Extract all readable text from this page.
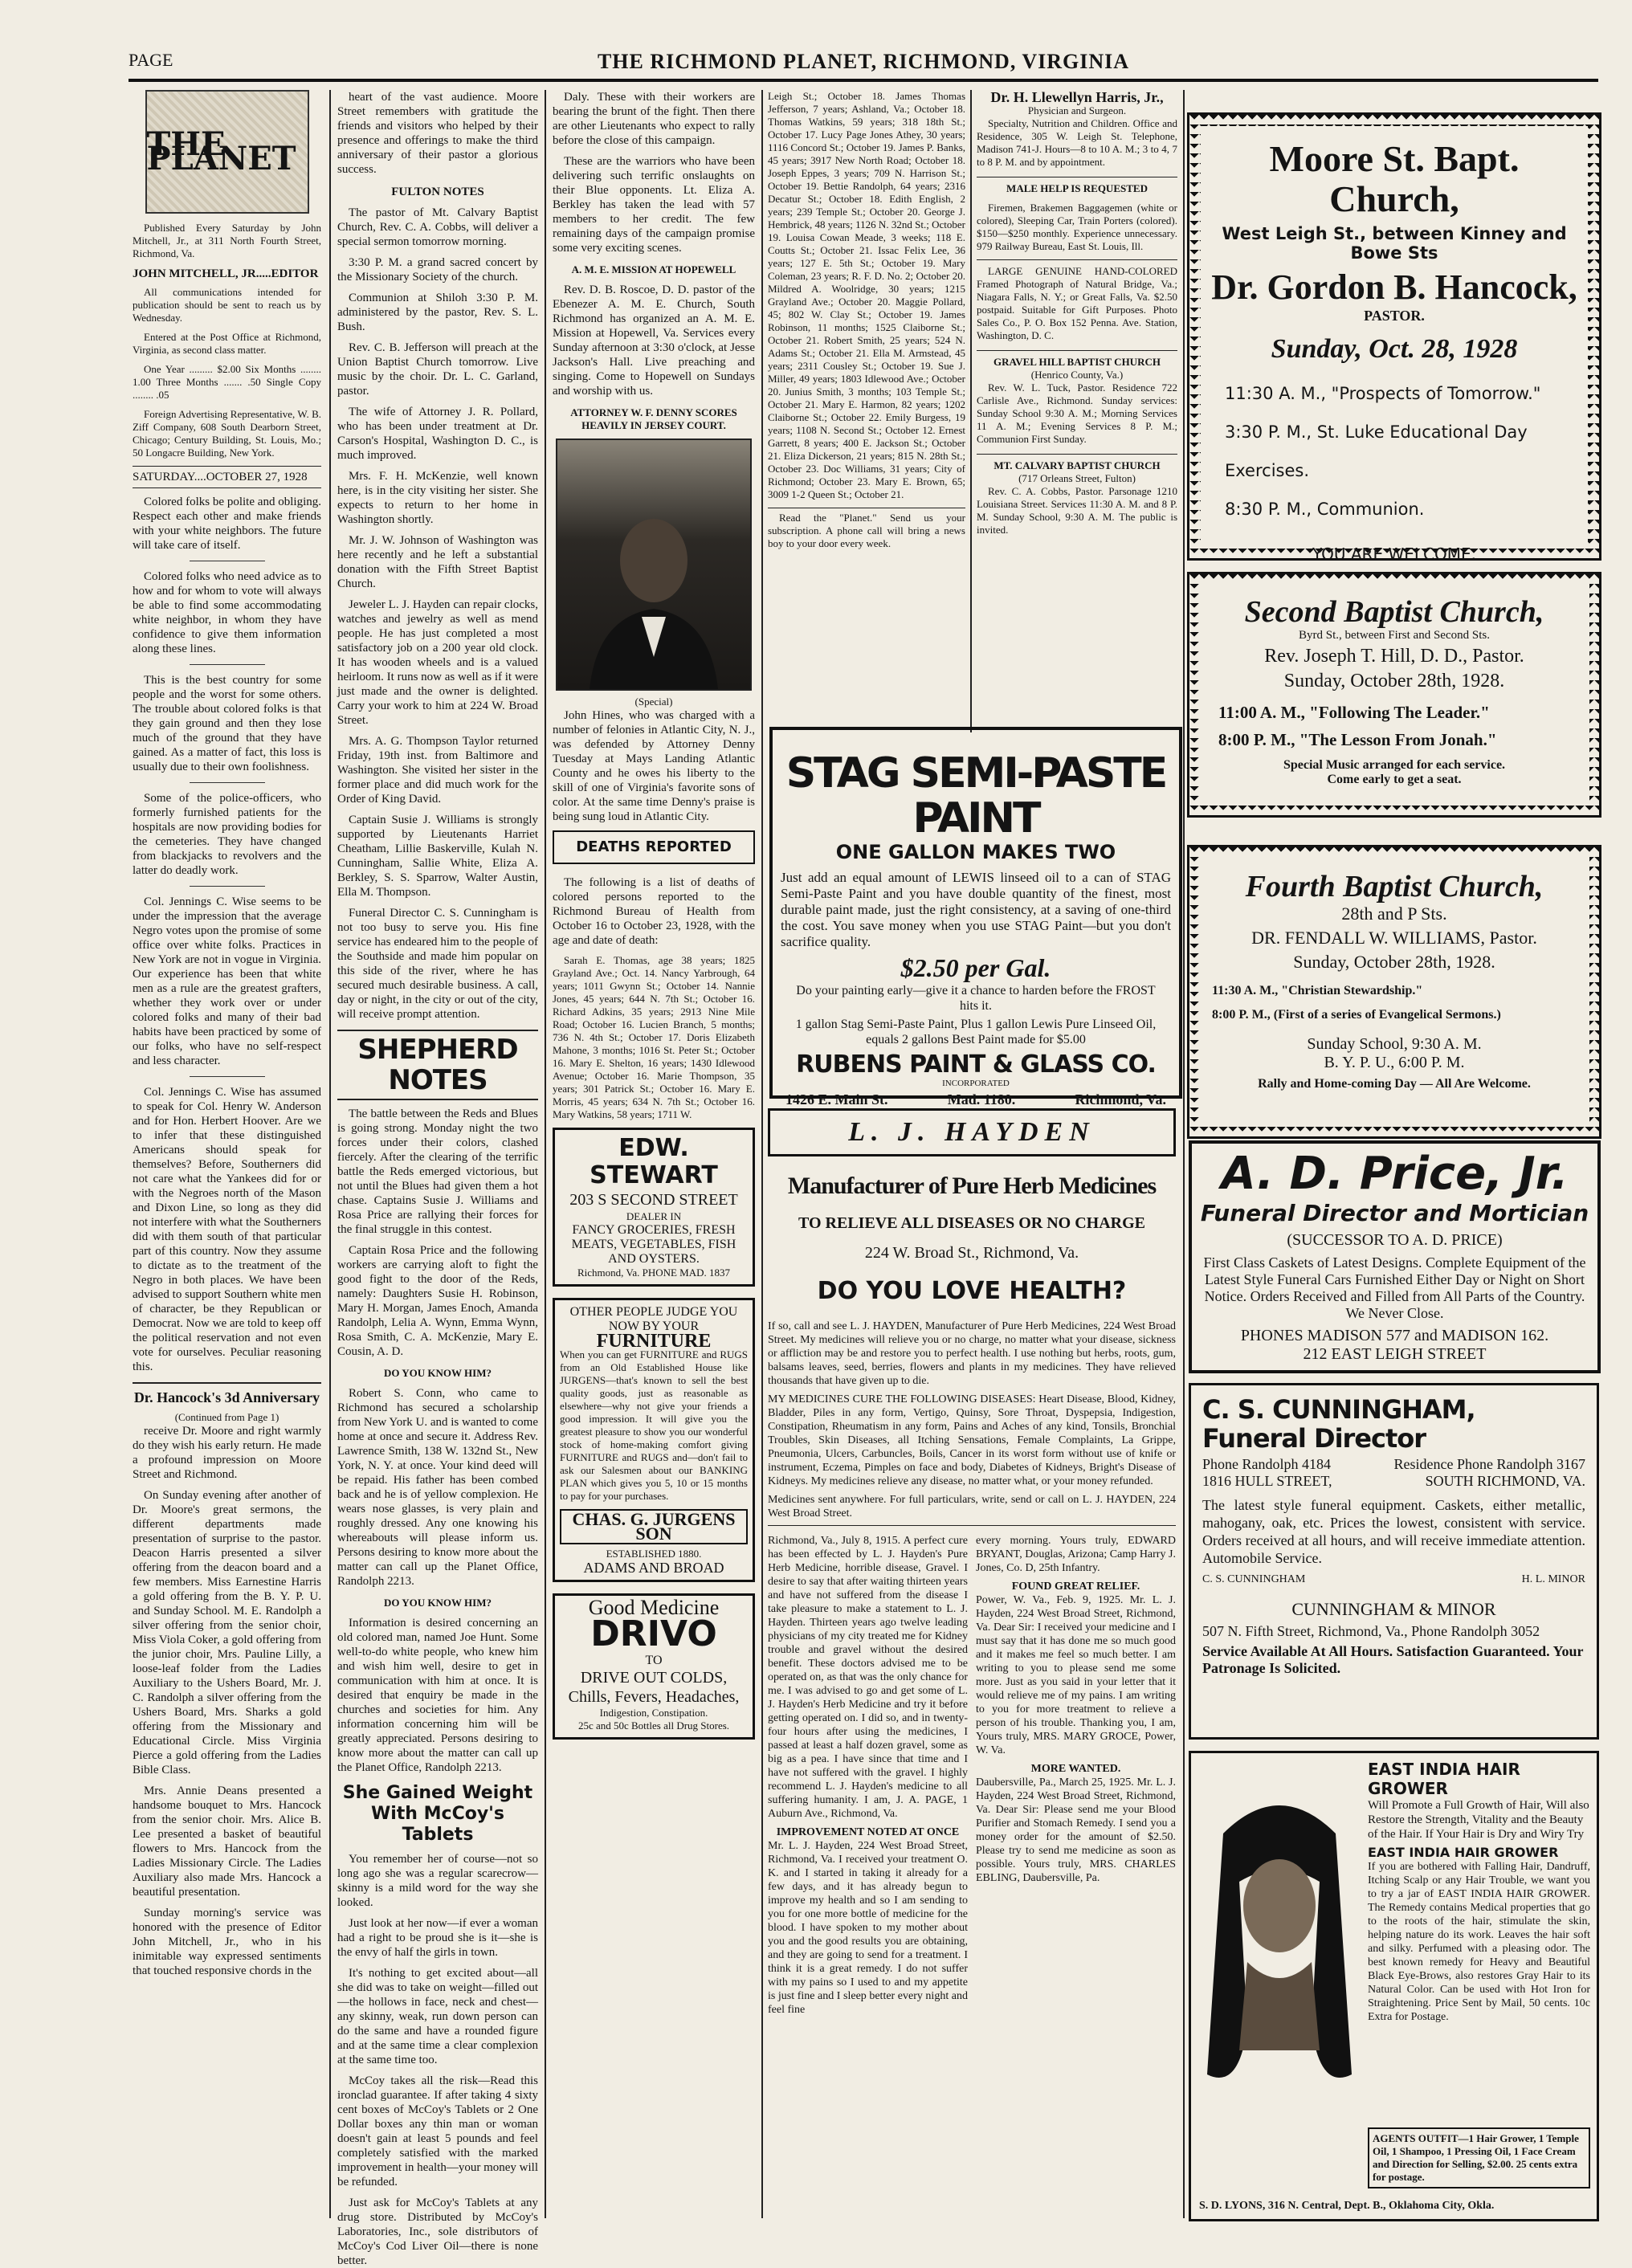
PAGE	THE RICHMOND PLANET, RICHMOND, VIRGINIA
THE PLANET

Published Every Saturday by John Mitchell, Jr., at 311 North Fourth Street, Richmond, Va.

JOHN MITCHELL, JR.....EDITOR

All communications intended for publication should be sent to reach us by Wednesday.

Entered at the Post Office at Richmond, Virginia, as second class matter.

One Year ......... $2.00 Six Months ........ 1.00 Three Months ....... .50 Single Copy ........ .05

Foreign Advertising Representative, W. B. Ziff Company, 608 South Dearborn Street, Chicago; Century Building, St. Louis, Mo.; 50 Longacre Building, New York.

SATURDAY....OCTOBER 27, 1928

Colored folks be polite and obliging. Respect each other and make friends with your white neighbors. The future will take care of itself.

Colored folks who need advice as to how and for whom to vote will always be able to find some accommodating white neighbor, in whom they have confidence to give them information along these lines.

This is the best country for some people and the worst for some others. The trouble about colored folks is that they gain ground and then they lose much of the ground that they have gained. As a matter of fact, this loss is usually due to their own foolishness.

Some of the police-officers, who formerly furnished patients for the hospitals are now providing bodies for the cemeteries. They have changed from blackjacks to revolvers and the latter do deadly work.

Col. Jennings C. Wise seems to be under the impression that the average Negro votes upon the promise of some office over white folks. Practices in New York are not in vogue in Virginia. Our experience has been that white men as a rule are the greatest grafters, whether they work over or under colored folks and many of their bad habits have been practiced by some of our folks, who have no self-respect and less character.

Col. Jennings C. Wise has assumed to speak for Col. Henry W. Anderson and for Hon. Herbert Hoover. Are we to infer that these distinguished Americans should speak for themselves? Before, Southerners did not care what the Yankees did for or with the Negroes north of the Mason and Dixon Line, so long as they did not interfere with what the Southerners did with them south of that particular part of this country. Now they assume to dictate as to the treatment of the Negro in both places. We have been advised to support Southern white men of character, be they Republican or Democrat. Now we are told to keep off the political reservation and not even vote for ourselves. Peculiar reasoning this.

Dr. Hancock's 3d Anniversary
(Continued from Page 1)

receive Dr. Moore and right warmly do they wish his early return. He made a profound impression on Moore Street and Richmond.

On Sunday evening after another of Dr. Moore's great sermons, the different departments made presentation of surprise to the pastor. Deacon Harris presented a silver offering from the deacon board and a few members. Miss Earnestine Harris a gold offering from the B. Y. P. U. and Sunday School. M. E. Randolph a silver offering from the senior choir, Miss Viola Coker, a gold offering from the junior choir, Mrs. Pauline Lilly, a loose-leaf folder from the Ladies Auxiliary to the Ushers Board, Mr. J. C. Randolph a silver offering from the Ushers Board, Mrs. Sharks a gold offering from the Missionary and Educational Circle. Miss Virginia Pierce a gold offering from the Ladies Bible Class.

Mrs. Annie Deans presented a handsome bouquet to Mrs. Hancock from the senior choir. Mrs. Alice B. Lee presented a basket of beautiful flowers to Mrs. Hancock from the Ladies Missionary Circle. The Ladies Auxiliary also made Mrs. Hancock a beautiful presentation.

Sunday morning's service was honored with the presence of Editor John Mitchell, Jr., who in his inimitable way expressed sentiments that touched responsive chords in the

heart of the vast audience. Moore Street remembers with gratitude the friends and visitors who helped by their presence and offerings to make the third anniversary of their pastor a glorious success.

FULTON NOTES

The pastor of Mt. Calvary Baptist Church, Rev. C. A. Cobbs, will deliver a special sermon tomorrow morning.

3:30 P. M. a grand sacred concert by the Missionary Society of the church.

Communion at Shiloh 3:30 P. M. administered by the pastor, Rev. S. L. Bush.

Rev. C. B. Jefferson will preach at the Union Baptist Church tomorrow. Live music by the choir. Dr. L. C. Garland, pastor.

The wife of Attorney J. R. Pollard, who has been under treatment at Dr. Carson's Hospital, Washington D. C., is much improved.

Mrs. F. H. McKenzie, well known here, is in the city visiting her sister. She expects to return to her home in Washington shortly.

Mr. J. W. Johnson of Washington was here recently and he left a substantial donation with the Fifth Street Baptist Church.

Jeweler L. J. Hayden can repair clocks, watches and jewelry as well as mend people. He has just completed a most satisfactory job on a 200 year old clock. It has wooden wheels and is a valued heirloom. It runs now as well as if it were just made and the owner is delighted. Carry your work to him at 224 W. Broad Street.

Mrs. A. G. Thompson Taylor returned Friday, 19th inst. from Baltimore and Washington. She visited her sister in the former place and did much work for the Order of King David.

Captain Susie J. Williams is strongly supported by Lieutenants Harriet Cheatham, Lillie Baskerville, Kulah N. Cunningham, Sallie White, Eliza A. Berkley, S. S. Sparrow, Walter Austin, Ella M. Thompson.

Funeral Director C. S. Cunningham is not too busy to serve you. His fine service has endeared him to the people of the Southside and made him popular on this side of the river, where he has secured much desirable business. A call, day or night, in the city or out of the city, will receive prompt attention.

SHEPHERD NOTES

The battle between the Reds and Blues is going strong. Monday night the two forces under their colors, clashed fiercely. After the clearing of the terrific battle the Reds emerged victorious, but not until the Blues had given them a hot chase. Captains Susie J. Williams and Rosa Price are rallying their forces for the final struggle in this contest.

Captain Rosa Price and the following workers are carrying aloft to fight the good fight to the door of the Reds, namely: Daughters Susie H. Robinson, Mary H. Morgan, James Enoch, Amanda Randolph, Lelia A. Wynn, Emma Wynn, Rosa Smith, C. A. McKenzie, Mary E. Cousin, A. D.

DO YOU KNOW HIM?

Robert S. Conn, who came to Richmond has secured a scholarship from New York U. and is wanted to come home at once and secure it. Address Rev. Lawrence Smith, 138 W. 132nd St., New York, N. Y. at once. Your kind deed will be repaid. His father has been combed back and he is of yellow complexion. He wears nose glasses, is very plain and roughly dressed. Any one knowing his whereabouts will please inform us. Persons desiring to know more about the matter can call up the Planet Office, Randolph 2213.

DO YOU KNOW HIM?

Information is desired concerning an old colored man, named Joe Hunt. Some well-to-do white people, who knew him and wish him well, desire to get in communication with him at once. It is desired that enquiry be made in the churches and societies for him. Any information concerning him will be greatly appreciated. Persons desiring to know more about the matter can call up the Planet Office, Randolph 2213.

She Gained Weight With McCoy's Tablets

You remember her of course—not so long ago she was a regular scarecrow—skinny is a mild word for the way she looked.

Just look at her now—if ever a woman had a right to be proud she is it—she is the envy of half the girls in town.

It's nothing to get excited about—all she did was to take on weight—filled out—the hollows in face, neck and chest—any skinny, weak, run down person can do the same and have a rounded figure and at the same time a clear complexion at the same time too.

McCoy takes all the risk—Read this ironclad guarantee. If after taking 4 sixty cent boxes of McCoy's Tablets or 2 One Dollar boxes any thin man or woman doesn't gain at least 5 pounds and feel completely satisfied with the marked improvement in health—your money will be refunded.

Just ask for McCoy's Tablets at any drug store. Distributed by McCoy's Laboratories, Inc., sole distributors of McCoy's Cod Liver Oil—there is none better.

Daly. These with their workers are bearing the brunt of the fight. Then there are other Lieutenants who expect to rally before the close of this campaign.

These are the warriors who have been delivering such terrific onslaughts on their Blue opponents. Lt. Eliza A. Berkley has taken the lead with 57 members to her credit. The few remaining days of the campaign promise some very exciting scenes.

A. M. E. MISSION AT HOPEWELL

Rev. D. B. Roscoe, D. D. pastor of the Ebenezer A. M. E. Church, South Richmond has organized an A. M. E. Mission at Hopewell, Va. Services every Sunday afternoon at 3:30 o'clock, at Jesse Jackson's Hall. Live preaching and singing. Come to Hopewell on Sundays and worship with us.

ATTORNEY W. F. DENNY SCORES HEAVILY IN JERSEY COURT.
(Special)

John Hines, who was charged with a number of felonies in Atlantic City, N. J., was defended by Attorney Denny Tuesday at Mays Landing Atlantic County and he owes his liberty to the skill of one of Virginia's favorite sons of color. At the same time Denny's praise is being sung loud in Atlantic City.

DEATHS REPORTED

The following is a list of deaths of colored persons reported to the Richmond Bureau of Health from October 16 to October 23, 1928, with the age and date of death:

Sarah E. Thomas, age 38 years; 1825 Grayland Ave.; Oct. 14. Nancy Yarbrough, 64 years; 1011 Gwynn St.; October 14. Nannie Jones, 45 years; 644 N. 7th St.; October 16. Richard Adkins, 35 years; 2913 Nine Mile Road; October 16. Lucien Branch, 5 months; 736 N. 4th St.; October 17. Doris Elizabeth Mahone, 3 months; 1016 St. Peter St.; October 16. Mary E. Shelton, 16 years; 1430 Idlewood Avenue; October 16. Marie Thompson, 35 years; 301 Patrick St.; October 16. Mary E. Morris, 45 years; 634 N. 7th St.; October 16. Mary Watkins, 58 years; 1711 W.

EDW. STEWART
203 S SECOND STREET
DEALER IN
FANCY GROCERIES, FRESH MEATS, VEGETABLES, FISH AND OYSTERS.
Richmond, Va. PHONE MAD. 1837
OTHER PEOPLE JUDGE YOU NOW BY YOUR
FURNITURE

When you can get FURNITURE and RUGS from an Old Established House like JURGENS—that's known to sell the best quality goods, just as reasonable as elsewhere—why not give your friends a good impression. It will give you the greatest pleasure to show you our wonderful stock of home-making comfort giving FURNITURE and RUGS and—don't fail to ask our Salesmen about our BANKING PLAN which gives you 5, 10 or 15 months to pay for your purchases.

CHAS. G. JURGENS SON
ESTABLISHED 1880.
ADAMS AND BROAD
Good Medicine
DRIVO
TO
DRIVE OUT COLDS, Chills, Fevers, Headaches,
Indigestion, Constipation.
25c and 50c Bottles all Drug Stores.

Leigh St.; October 18. James Thomas Jefferson, 7 years; Ashland, Va.; October 18. Thomas Watkins, 59 years; 318 18th St.; October 17. Lucy Page Jones Athey, 30 years; 1116 Concord St.; October 19. James P. Banks, 45 years; 3917 New North Road; October 18. Joseph Eppes, 3 years; 709 N. Harrison St.; October 19. Bettie Randolph, 64 years; 2316 Decatur St.; October 18. Edith English, 2 years; 239 Temple St.; October 20. George J. Hembrick, 48 years; 1126 N. 32nd St.; October 19. Louisa Cowan Meade, 3 weeks; 118 E. Coutts St.; October 21. Issac Felix Lee, 36 years; 127 E. 5th St.; October 19. Mary Coleman, 23 years; R. F. D. No. 2; October 20. Mildred A. Woolridge, 30 years; 1215 Grayland Ave.; October 20. Maggie Pollard, 45; 802 W. Clay St.; October 19. James Robinson, 11 months; 1525 Claiborne St.; October 21. Robert Smith, 25 years; 524 N. Adams St.; October 21. Ella M. Armstead, 45 years; 2311 Cousley St.; October 19. Sue J. Miller, 49 years; 1803 Idlewood Ave.; October 20. Junius Smith, 3 months; 103 Temple St.; October 21. Mary E. Harmon, 82 years; 1202 Claiborne St.; October 22. Emily Burgess, 19 years; 1108 N. Second St.; October 12. Ernest Garrett, 8 years; 400 E. Jackson St.; October 21. Eliza Dickerson, 21 years; 815 N. 28th St.; October 23. Doc Williams, 31 years; City of Richmond; October 23. Mary E. Brown, 65; 3009 1-2 Queen St.; October 21.

Read the "Planet." Send us your subscription. A phone call will bring a news boy to your door every week.

Dr. H. Llewellyn Harris, Jr.,
Physician and Surgeon.

Specialty, Nutrition and Children. Office and Residence, 305 W. Leigh St. Telephone, Madison 741-J. Hours—8 to 10 A. M.; 3 to 4, 7 to 8 P. M. and by appointment.

MALE HELP IS REQUESTED

Firemen, Brakemen Baggagemen (white or colored), Sleeping Car, Train Porters (colored). $150—$250 monthly. Experience unnecessary. 979 Railway Bureau, East St. Louis, Ill.

LARGE GENUINE HAND-COLORED Framed Photograph of Natural Bridge, Va.; Niagara Falls, N. Y.; or Great Falls, Va. $2.50 postpaid. Suitable for Gift Purposes. Photo Sales Co., P. O. Box 152 Penna. Ave. Station, Washington, D. C.

GRAVEL HILL BAPTIST CHURCH
(Henrico County, Va.)

Rev. W. L. Tuck, Pastor. Residence 722 Carlisle Ave., Richmond. Sunday services: Sunday School 9:30 A. M.; Morning Services 11 A. M.; Evening Services 8 P. M.; Communion First Sunday.

MT. CALVARY BAPTIST CHURCH
(717 Orleans Street, Fulton)

Rev. C. A. Cobbs, Pastor. Parsonage 1210 Louisiana Street. Services 11:30 A. M. and 8 P. M. Sunday School, 9:30 A. M. The public is invited.

STAG SEMI-PASTE PAINT
ONE GALLON MAKES TWO
Just add an equal amount of LEWIS linseed oil to a can of STAG Semi-Paste Paint and you have double quantity of the finest, most durable paint made, just the right consistency, at a saving of one-third the cost. You save money when you use STAG Paint—but you don't sacrifice quality.
$2.50 per Gal.
Do your painting early—give it a chance to harden before the FROST hits it.
1 gallon Stag Semi-Paste Paint, Plus 1 gallon Lewis Pure Linseed Oil, equals 2 gallons Best Paint made for $5.00
RUBENS PAINT & GLASS CO.
INCORPORATED
1426 E. Main St.	Mad. 1180.	Richmond, Va.
L. J. HAYDEN
Manufacturer of Pure Herb Medicines
TO RELIEVE ALL DISEASES OR NO CHARGE
224 W. Broad St., Richmond, Va.
DO YOU LOVE HEALTH?

If so, call and see L. J. HAYDEN, Manufacturer of Pure Herb Medicines, 224 West Broad Street. My medicines will relieve you or no charge, no matter what your disease, sickness or affliction may be and restore you to perfect health. I use nothing but herbs, roots, gum, balsams leaves, seed, berries, flowers and plants in my medicines. They have relieved thousands that have given up to die.

MY MEDICINES CURE THE FOLLOWING DISEASES: Heart Disease, Blood, Kidney, Bladder, Piles in any form, Vertigo, Quinsy, Sore Throat, Dyspepsia, Indigestion, Constipation, Rheumatism in any form, Pains and Aches of any kind, Tonsils, Bronchial Troubles, Skin Diseases, all Itching Sensations, Female Complaints, La Grippe, Pneumonia, Ulcers, Carbuncles, Boils, Cancer in its worst form without use of knife or instrument, Eczema, Pimples on face and body, Diabetes of Kidneys, Bright's Disease of Kidneys. My medicines relieve any disease, no matter what, or your money refunded.

Medicines sent anywhere. For full particulars, write, send or call on L. J. HAYDEN, 224 West Broad Street.

Richmond, Va., July 8, 1915. A perfect cure has been effected by L. J. Hayden's Pure Herb Medicine, horrible disease, Gravel. I desire to say that after waiting thirteen years and have not suffered from the disease I take pleasure to make a statement to L. J. Hayden. Thirteen years ago twelve leading physicians of my city treated me for Kidney trouble and gravel without the desired benefit. These doctors advised me to be operated on, as that was the only chance for me. I was advised to go and get some of L. J. Hayden's Herb Medicine and try it before getting operated on. I did so, and in twenty-four hours after using the medicines, I passed at least a half dozen gravel, some as big as a pea. I have since that time and I have not suffered with the gravel. I highly recommend L. J. Hayden's medicine to all suffering humanity. I am, J. A. PAGE, 1 Auburn Ave., Richmond, Va.

IMPROVEMENT NOTED AT ONCE

Mr. L. J. Hayden, 224 West Broad Street, Richmond, Va. I received your treatment O. K. and I started in taking it already for a few days, and it has already begun to improve my health and so I am sending to you for one more bottle of medicine for the blood. I have spoken to my mother about you and the good results you are obtaining, and they are going to send for a treatment. I think it is a great remedy. I do not suffer with my pains so I used to and my appetite is just fine and I sleep better every night and feel fine

every morning. Yours truly, EDWARD BRYANT, Douglas, Arizona; Camp Harry J. Jones, Co. D, 25th Infantry.

FOUND GREAT RELIEF.

Power, W. Va., Feb. 9, 1925. Mr. L. J. Hayden, 224 West Broad Street, Richmond, Va. Dear Sir: I received your medicine and I must say that it has done me so much good and it makes me feel so much better. I am writing to you to please send me some more. Just as you said in your letter that it would relieve me of my pains. I am writing to you for more treatment to relieve a person of his trouble. Thanking you, I am, Yours truly, MRS. MARY GROCE, Power, W. Va.

MORE WANTED.

Daubersville, Pa., March 25, 1925. Mr. L. J. Hayden, 224 West Broad Street, Richmond, Va. Dear Sir: Please send me your Blood Purifier and Stomach Remedy. I send you a money order for the amount of $2.50. Please try to send me medicine as soon as possible. Yours truly, MRS. CHARLES EBLING, Daubersville, Pa.

Moore St. Bapt. Church,
West Leigh St., between Kinney and Bowe Sts
Dr. Gordon B. Hancock,
PASTOR.
Sunday, Oct. 28, 1928
11:30 A. M., "Prospects of Tomorrow."
3:30 P. M., St. Luke Educational Day Exercises.
8:30 P. M., Communion.
YOU ARE WELCOME.
Second Baptist Church,
Byrd St., between First and Second Sts.
Rev. Joseph T. Hill, D. D., Pastor.
Sunday, October 28th, 1928.
11:00 A. M., "Following The Leader."
8:00 P. M., "The Lesson From Jonah."
Special Music arranged for each service.
Come early to get a seat.
Fourth Baptist Church,
28th and P Sts.
DR. FENDALL W. WILLIAMS, Pastor.
Sunday, October 28th, 1928.
11:30 A. M., "Christian Stewardship."
8:00 P. M., (First of a series of Evangelical Sermons.)
Sunday School, 9:30 A. M.
B. Y. P. U., 6:00 P. M.
Rally and Home-coming Day — All Are Welcome.
A. D. Price, Jr.
Funeral Director and Mortician
(SUCCESSOR TO A. D. PRICE)
First Class Caskets of Latest Designs. Complete Equipment of the Latest Style Funeral Cars Furnished Either Day or Night on Short Notice. Orders Received and Filled from All Parts of the Country. We Never Close.
PHONES MADISON 577 and MADISON 162.
212 EAST LEIGH STREET
C. S. CUNNINGHAM, Funeral Director
Phone Randolph 4184	Residence Phone Randolph 3167
1816 HULL STREET,	SOUTH RICHMOND, VA.
The latest style funeral equipment. Caskets, either metallic, mahogany, oak, etc. Prices the lowest, consistent with service. Orders received at all hours, and will receive immediate attention. Automobile Service.
C. S. CUNNINGHAM	H. L. MINOR
CUNNINGHAM & MINOR
507 N. Fifth Street, Richmond, Va., Phone Randolph 3052
Service Available At All Hours. Satisfaction Guaranteed. Your Patronage Is Solicited.
EAST INDIA HAIR GROWER
Will Promote a Full Growth of Hair, Will also Restore the Strength, Vitality and the Beauty of the Hair. If Your Hair is Dry and Wiry Try
EAST INDIA HAIR GROWER
If you are bothered with Falling Hair, Dandruff, Itching Scalp or any Hair Trouble, we want you to try a jar of EAST INDIA HAIR GROWER. The Remedy contains Medical properties that go to the roots of the hair, stimulate the skin, helping nature do its work. Leaves the hair soft and silky. Perfumed with a pleasing odor. The best known remedy for Heavy and Beautiful Black Eye-Brows, also restores Gray Hair to its Natural Color. Can be used with Hot Iron for Straightening. Price Sent by Mail, 50 cents. 10c Extra for Postage.
AGENTS OUTFIT—1 Hair Grower, 1 Temple Oil, 1 Shampoo, 1 Pressing Oil, 1 Face Cream and Direction for Selling, $2.00. 25 cents extra for postage.
S. D. LYONS, 316 N. Central, Dept. B., Oklahoma City, Okla.
